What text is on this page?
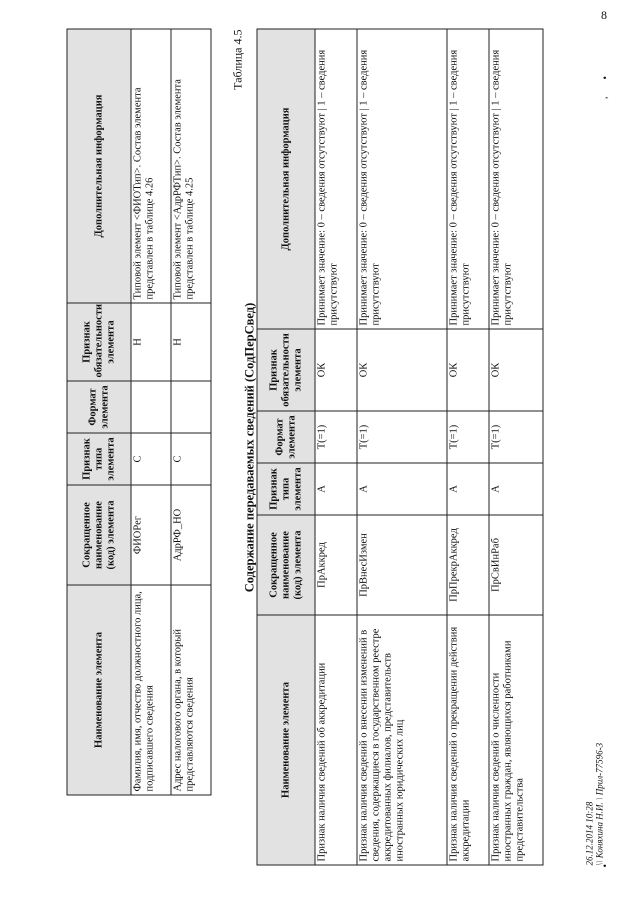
8
•
•
’
Наименование элемента	Сокращенное наименование (код) элемента	Признак типа элемента	Формат элемента	Признак обязательности элемента	Дополнительная информация
Фамилия, имя, отчество должностного лица, подписавшего сведения	ФИОРег	С		Н	Типовой элемент <ФИОТип>. Состав элемента представлен в таблице 4.26
Адрес налогового органа, в который представляются сведения	АдрРФ_НО	С		Н	Типовой элемент <АдрРФТип>. Состав элемента представлен в таблице 4.25
Таблица 4.5
Содержание передаваемых сведений (СодПерСвед)
Наименование элемента	Сокращенное наименование (код) элемента	Признак типа элемента	Формат элемента	Признак обязательности элемента	Дополнительная информация
Признак наличия сведений об аккредитации	ПрАккред	А	T(=1)	ОК	Принимает значение: 0 – сведения отсутствуют | 1 – сведения присутствуют
Признак наличия сведений о внесении изменений в сведения, содержащиеся в государственном реестре аккредитованных филиалов, представительств иностранных юридических лиц	ПрВнесИзмен	А	T(=1)	ОК	Принимает значение: 0 – сведения отсутствуют | 1 – сведения присутствуют
Признак наличия сведений о прекращении действия аккредитации	ПрПрекрАккред	А	T(=1)	ОК	Принимает значение: 0 – сведения отсутствуют | 1 – сведения присутствуют
Признак наличия сведений о численности иностранных граждан, являющихся работниками представительства	ПрСвИнРаб	А	T(=1)	ОК	Принимает значение: 0 – сведения отсутствуют | 1 – сведения присутствуют
26.12.2014 10:28 \\ Коняхина Н.И. \ Прил-77596-3
